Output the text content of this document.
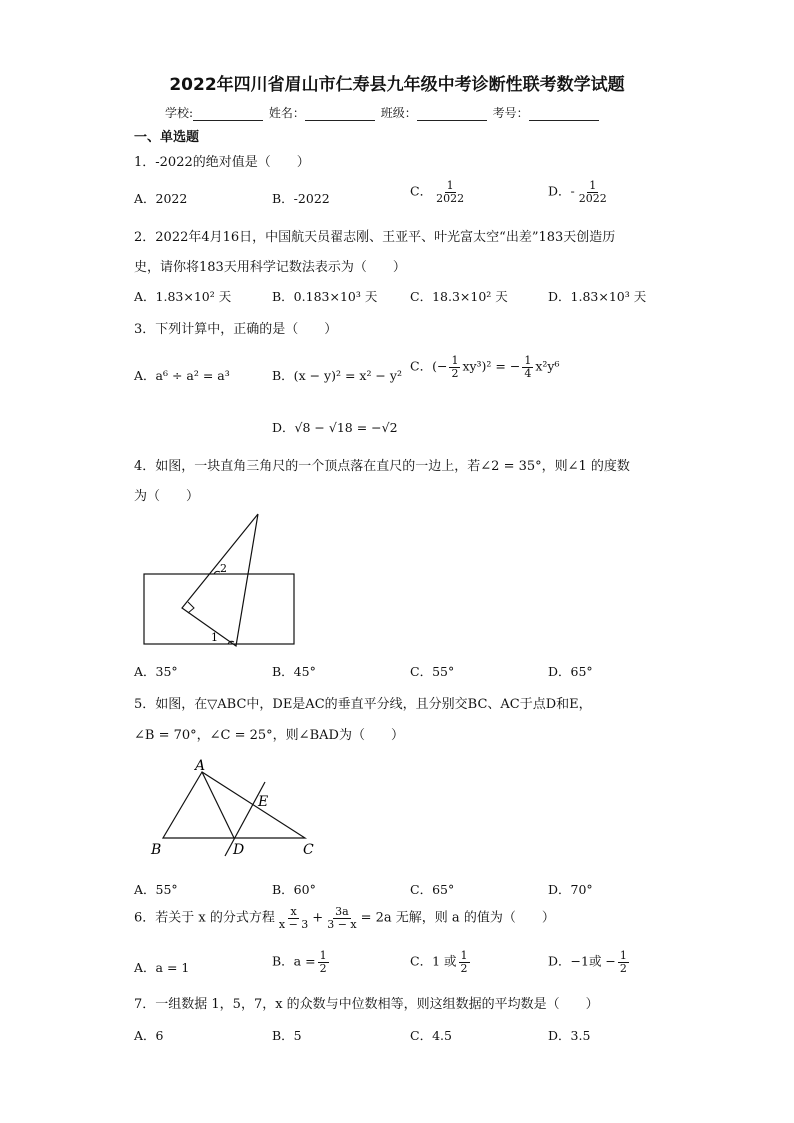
2022年四川省眉山市仁寿县九年级中考诊断性联考数学试题
学校:	姓名：	班级：	考号：
一、单选题
1．-2022的绝对值是（　　）
A．2022	B．-2022	C． $\frac{1}{2022}$	D．- $\frac{1}{2022}$
2．2022年4月16日，中国航天员翟志刚、王亚平、叶光富太空“出差”183天创造历
史，请你将183天用科学记数法表示为（　　）
A．1.83×10² 天	B．0.183×10³ 天	C．18.3×10² 天	D．1.83×10³ 天
3．下列计算中，正确的是（　　）
A．a⁶ ÷ a² = a³	B．(x − y)² = x² − y²
C．(− $\frac{1}{2} xy^3)^2$ = − $\frac{1}{4} x^2y^6$
D．√8 − √18 = −√2
4．如图，一块直角三角尺的一个顶点落在直尺的一边上，若∠2 = 35°，则∠1 的度数
为（　　）
2
1
A．35°	B．45°	C．55°	D．65°
5．如图，在▽ABC中，DE是AC的垂直平分线，且分别交BC、AC于点D和E，
∠B = 70°，∠C = 25°，则∠BAD为（　　）
A
B	D	C
E
A．55°	B．60°	C．65°	D．70°
6．若关于 x 的分式方程 $\frac{x}{x - 3} + \frac{3a}{3 - x} = 2a$ 无解，则 a 的值为（　　）
A．a = 1	B．$a = \frac{1}{2}$	C．1 或 $\frac{1}{2}$	D．−1或 − $\frac{1}{2}$
7．一组数据 1，5，7，x 的众数与中位数相等，则这组数据的平均数是（　　）
A．6	B．5	C．4.5	D．3.5
